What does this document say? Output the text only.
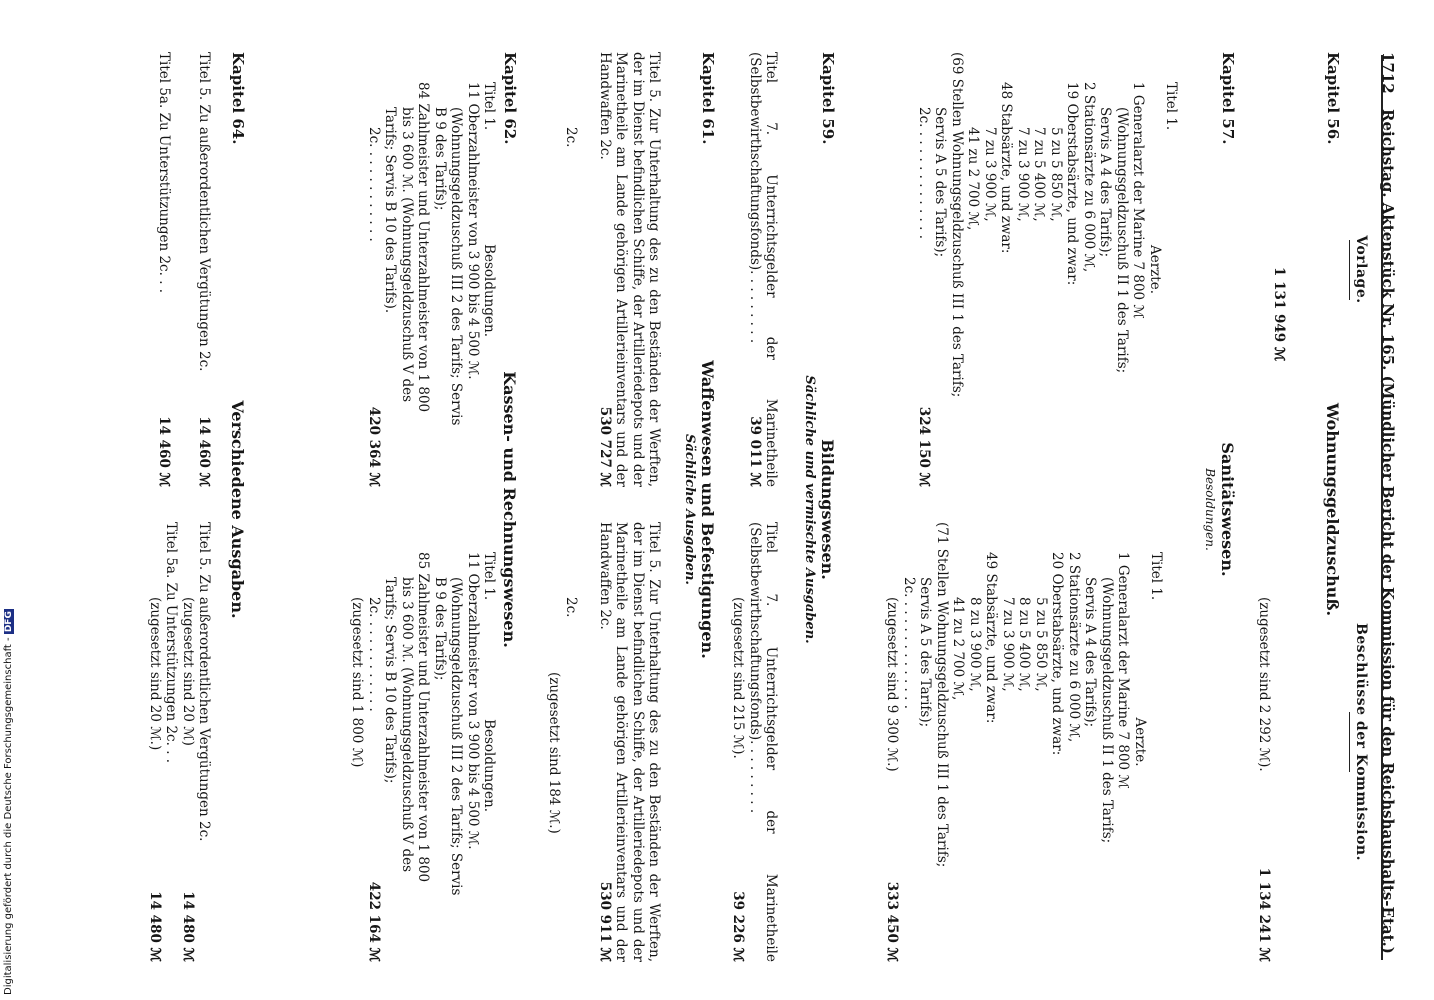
1712 Reichstag. Aktenstück Nr. 165. (Mündlicher Bericht der Kommission für den Reichshaushalts-Etat.)
Vorlage.
Beschlüsse der Kommission.
Kapitel 56.
Wohnungsgeldzuschuß.
1 131 949 ℳ
(zugesetzt sind 2 292 ℳ).
1 134 241 ℳ
Kapitel 57.
Sanitätswesen.
Besoldungen.
Titel 1.
Aerzte.
1 Generalarzt der Marine 7 800 ℳ
(Wohnungsgeldzuschuß II 1 des Tarifs;
Servis A 4 des Tarifs);
2 Stationsärzte zu 6 000 ℳ,
19 Oberstabsärzte, und zwar:
5 zu 5 850 ℳ,
7 zu 5 400 ℳ,
7 zu 3 900 ℳ,
48 Stabsärzte, und zwar:
7 zu 3 900 ℳ,
41 zu 2 700 ℳ,
(69 Stellen Wohnungsgeldzuschuß III 1 des Tarifs;
Servis A 5 des Tarifs);
2c. . . . . . . . . . . . . .
324 150 ℳ
Titel 1.
Aerzte.
1 Generalarzt der Marine 7 800 ℳ
(Wohnungsgeldzuschuß II 1 des Tarifs;
Servis A 4 des Tarifs);
2 Stationsärzte zu 6 000 ℳ,
20 Oberstabsärzte, und zwar:
5 zu 5 850 ℳ,
8 zu 5 400 ℳ,
7 zu 3 900 ℳ,
49 Stabsärzte, und zwar:
8 zu 3 900 ℳ,
41 zu 2 700 ℳ,
(71 Stellen Wohnungsgeldzuschuß III 1 des Tarifs;
Servis A 5 des Tarifs);
2c. . . . . . . . . . . . . .
(zugesetzt sind 9 300 ℳ.)
333 450 ℳ
Kapitel 59.
Bildungswesen.
Sächliche und vermischte Ausgaben.
Titel 7. Unterrichtsgelder der Marinetheile (Selbstbewirthschaftungsfonds). . . . . . . . .
39 011 ℳ
Titel 7. Unterrichtsgelder der Marinetheile (Selbstbewirthschaftungsfonds). . . . . . . . .
(zugesetzt sind 215 ℳ).
39 226 ℳ
Kapitel 61.
Waffenwesen und Befestigungen.
Sächliche Ausgaben.
Titel 5. Zur Unterhaltung des zu den Beständen der Werften, der im Dienst befindlichen Schiffe, der Artilleriedepots und der Marinetheile am Lande gehörigen Artillerieinventars und der Handwaffen 2c.
530 727 ℳ
2c.
Titel 5. Zur Unterhaltung des zu den Beständen der Werften, der im Dienst befindlichen Schiffe, der Artilleriedepots und der Marinetheile am Lande gehörigen Artillerieinventars und der Handwaffen 2c.
530 911 ℳ
2c.
(zugesetzt sind 184 ℳ.)
Kapitel 62.
Kassen- und Rechnungswesen.
Titel 1.
Besoldungen.
11 Oberzahlmeister von 3 900 bis 4 500 ℳ.
(Wohnungsgeldzuschuß III 2 des Tarifs; Servis
B 9 des Tarifs);
84 Zahlmeister und Unterzahlmeister von 1 800
bis 3 600 ℳ. (Wohnungsgeldzuschuß V des
Tarifs; Servis B 10 des Tarifs).
2c. . . . . . . . . . . .
420 364 ℳ
Titel 1.
Besoldungen.
11 Oberzahlmeister von 3 900 bis 4 500 ℳ.
(Wohnungsgeldzuschuß III 2 des Tarifs; Servis
B 9 des Tarifs);
85 Zahlmeister und Unterzahlmeister von 1 800
bis 3 600 ℳ. (Wohnungsgeldzuschuß V des
Tarifs; Servis B 10 des Tarifs);
2c. . . . . . . . . . . .
422 164 ℳ
(zugesetzt sind 1 800 ℳ)
Kapitel 64.
Verschiedene Ausgaben.
Titel 5. Zu außerordentlichen Vergütungen 2c.
14 460 ℳ
Titel 5a. Zu Unterstützungen 2c. . .
14 460 ℳ
Titel 5. Zu außerordentlichen Vergütungen 2c.
(zugesetzt sind 20 ℳ)
14 480 ℳ
Titel 5a. Zu Unterstützungen 2c. . .
(zugesetzt sind 20 ℳ.)
14 480 ℳ
Digitalisierung gefördert durch die Deutsche Forschungsgemeinschaft - DFG
